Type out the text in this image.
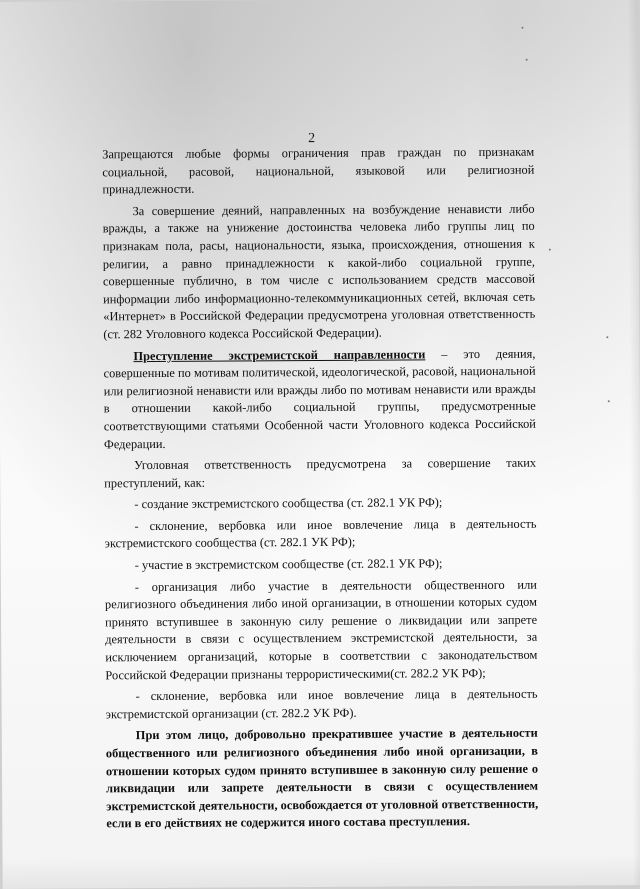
2

Запрещаются любые формы ограничения прав граждан по признакам социальной, расовой, национальной, языковой или религиозной принадлежности.

За совершение деяний, направленных на возбуждение ненависти либо вражды, а также на унижение достоинства человека либо группы лиц по признакам пола, расы, национальности, языка, происхождения, отношения к религии, а равно принадлежности к какой-либо социальной группе, совершенные публично, в том числе с использованием средств массовой информации либо информационно-телекоммуникационных сетей, включая сеть «Интернет» в Российской Федерации предусмотрена уголовная ответственность (ст. 282 Уголовного кодекса Российской Федерации).

Преступление экстремистской направленности – это деяния, совершенные по мотивам политической, идеологической, расовой, национальной или религиозной ненависти или вражды либо по мотивам ненависти или вражды в отношении какой-либо социальной группы, предусмотренные соответствующими статьями Особенной части Уголовного кодекса Российской Федерации.

Уголовная ответственность предусмотрена за совершение таких преступлений, как:

- создание экстремистского сообщества (ст. 282.1 УК РФ);

- склонение, вербовка или иное вовлечение лица в деятельность экстремистского сообщества (ст. 282.1 УК РФ);

- участие в экстремистском сообществе (ст. 282.1 УК РФ);

- организация либо участие в деятельности общественного или религиозного объединения либо иной организации, в отношении которых судом принято вступившее в законную силу решение о ликвидации или запрете деятельности в связи с осуществлением экстремистской деятельности, за исключением организаций, которые в соответствии с законодательством Российской Федерации признаны террористическими(ст. 282.2 УК РФ);

- склонение, вербовка или иное вовлечение лица в деятельность экстремистской организации (ст. 282.2 УК РФ).

При этом лицо, добровольно прекратившее участие в деятельности общественного или религиозного объединения либо иной организации, в отношении которых судом принято вступившее в законную силу решение о ликвидации или запрете деятельности в связи с осуществлением экстремистской деятельности, освобождается от уголовной ответственности, если в его действиях не содержится иного состава преступления.
